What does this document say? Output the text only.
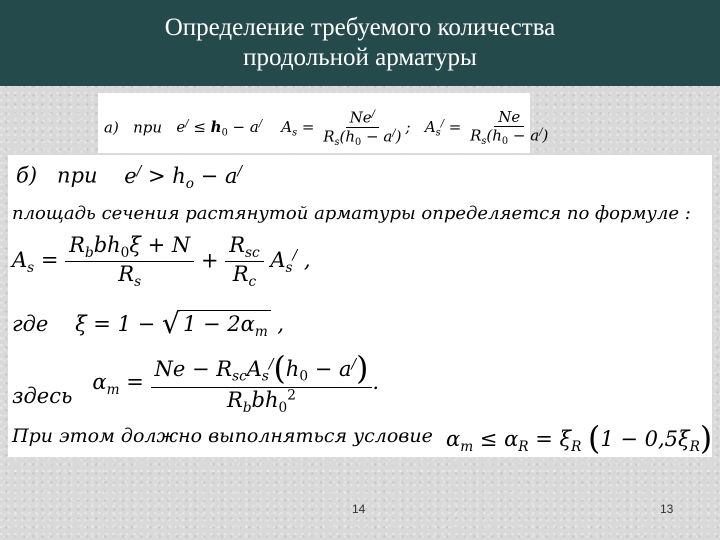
Определение требуемого количества
продольной арматуры
а) при $e^/ \le h_0 - a^/$ $A_s = \frac{Ne^/}{R_s(h_0 - a^/)}$ ;   $A_s^/ = \frac{Ne}{R_s(h_0 - a^/)}$
б) при $e^/ > h_o - a^/$
площадь сечения растянутой арматуры определяется по формуле :
$A_s = \frac{R_bbh_0\xi + N}{R_s} + \frac{R_{sc}}{R_c} A_s^/$ ,
где ξ = 1 − √ $1 - 2\alpha_m$ ,
здесь   $\alpha_m = \frac{Ne - R_{sc}A_s^/(h_0 - a^/)}{R_bbh_0^2}$ .
При этом должно выполняться условие $\alpha_m \le \alpha_R = \xi_R$ $(1 - 0,5\xi_R)$
14	13
